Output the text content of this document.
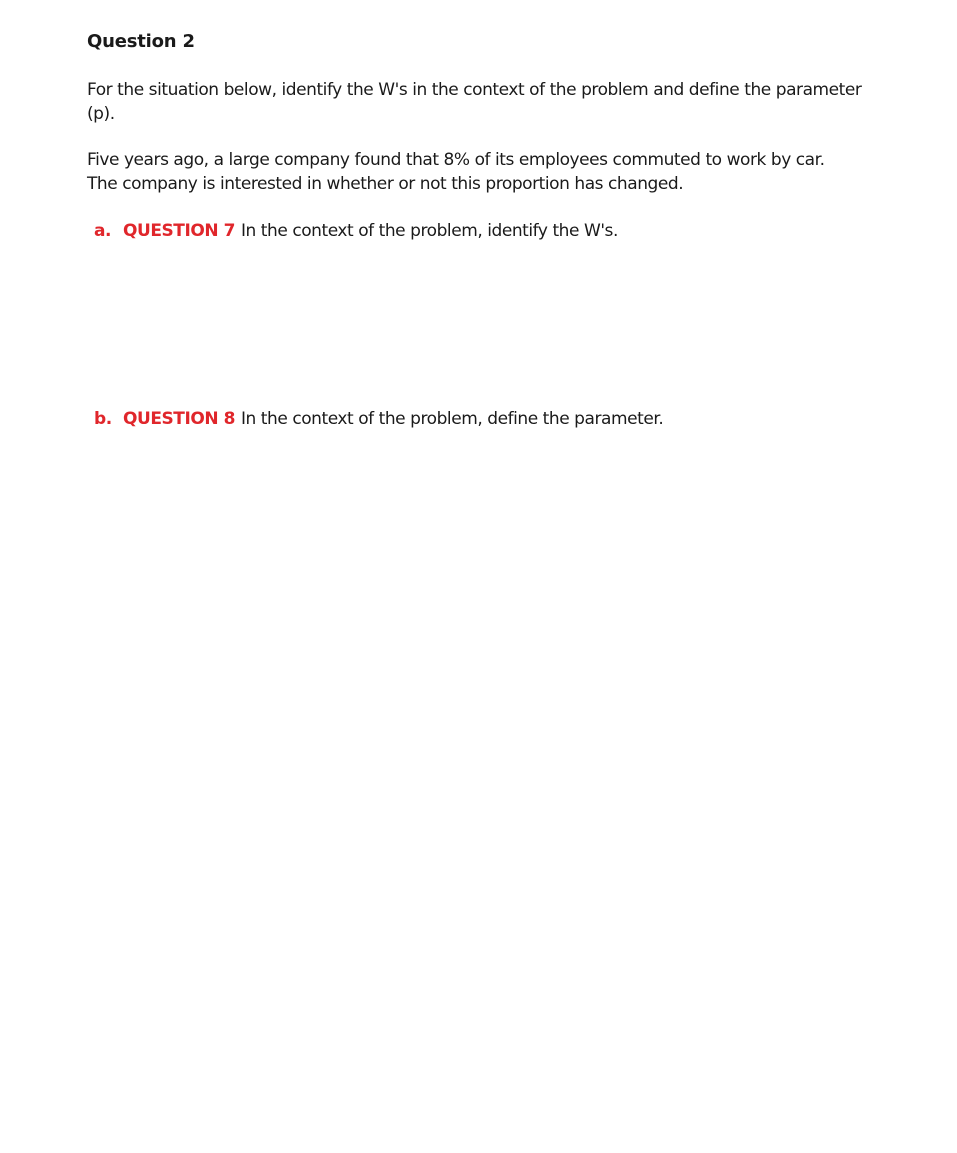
Question 2
For the situation below, identify the W's in the context of the problem and define the parameter
(p).
Five years ago, a large company found that 8% of its employees commuted to work by car.
The company is interested in whether or not this proportion has changed.
a. QUESTION 7 In the context of the problem, identify the W's.
b. QUESTION 8 In the context of the problem, define the parameter.
